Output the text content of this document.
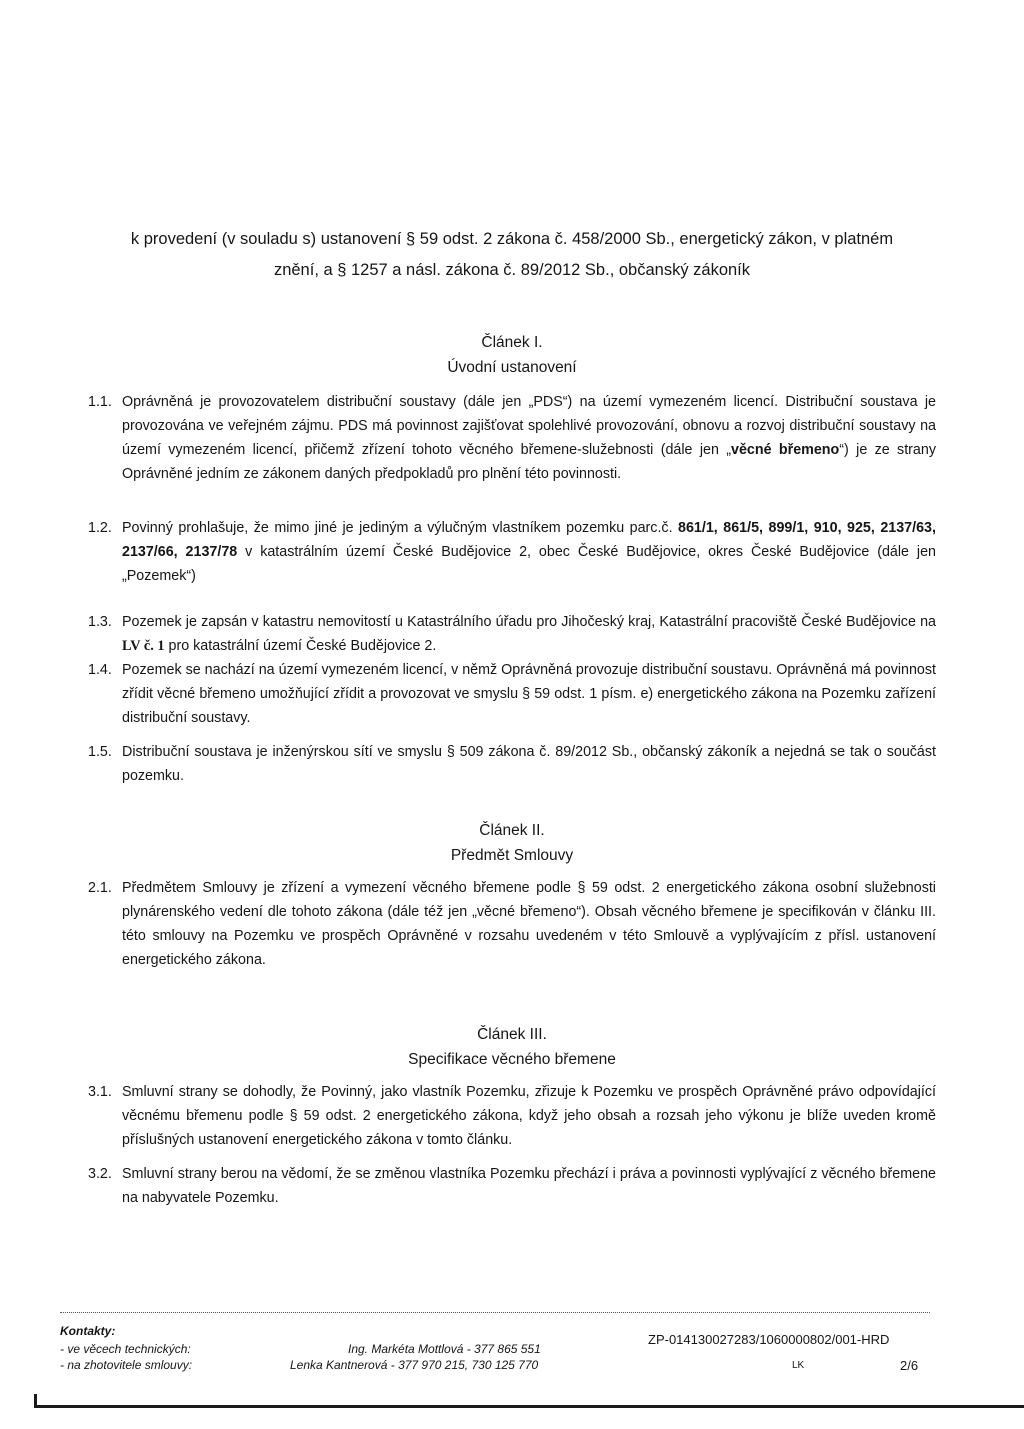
k provedení (v souladu s) ustanovení § 59 odst. 2 zákona č. 458/2000 Sb., energetický zákon, v platném
znění, a § 1257 a násl. zákona č. 89/2012 Sb., občanský zákoník
Článek I.
Úvodní ustanovení
1.1. Oprávněná je provozovatelem distribuční soustavy (dále jen „PDS“) na území vymezeném licencí. Distribuční soustava je provozována ve veřejném zájmu. PDS má povinnost zajišťovat spolehlivé provozování, obnovu a rozvoj distribuční soustavy na území vymezeném licencí, přičemž zřízení tohoto věcného břemene-služebnosti (dále jen „věcné břemeno“) je ze strany Oprávněné jedním ze zákonem daných předpokladů pro plnění této povinnosti.
1.2. Povinný prohlašuje, že mimo jiné je jediným a výlučným vlastníkem pozemku parc.č. 861/1, 861/5, 899/1, 910, 925, 2137/63, 2137/66, 2137/78 v katastrálním území České Budějovice 2, obec České Budějovice, okres České Budějovice (dále jen „Pozemek“)
1.3. Pozemek je zapsán v katastru nemovitostí u Katastrálního úřadu pro Jihočeský kraj, Katastrální pracoviště České Budějovice na LV č. 1 pro katastrální území České Budějovice 2.
1.4. Pozemek se nachází na území vymezeném licencí, v němž Oprávněná provozuje distribuční soustavu. Oprávněná má povinnost zřídit věcné břemeno umožňující zřídit a provozovat ve smyslu § 59 odst. 1 písm. e) energetického zákona na Pozemku zařízení distribuční soustavy.
1.5. Distribuční soustava je inženýrskou sítí ve smyslu § 509 zákona č. 89/2012 Sb., občanský zákoník a nejedná se tak o součást pozemku.
Článek II.
Předmět Smlouvy
2.1. Předmětem Smlouvy je zřízení a vymezení věcného břemene podle § 59 odst. 2 energetického zákona osobní služebnosti plynárenského vedení dle tohoto zákona (dále též jen „věcné břemeno“). Obsah věcného břemene je specifikován v článku III. této smlouvy na Pozemku ve prospěch Oprávněné v rozsahu uvedeném v této Smlouvě a vyplývajícím z přísl. ustanovení energetického zákona.
Článek III.
Specifikace věcného břemene
3.1. Smluvní strany se dohodly, že Povinný, jako vlastník Pozemku, zřizuje k Pozemku ve prospěch Oprávněné právo odpovídající věcnému břemenu podle § 59 odst. 2 energetického zákona, když jeho obsah a rozsah jeho výkonu je blíže uveden kromě příslušných ustanovení energetického zákona v tomto článku.
3.2. Smluvní strany berou na vědomí, že se změnou vlastníka Pozemku přechází i práva a povinnosti vyplývající z věcného břemene na nabyvatele Pozemku.
Kontakty:
- ve věcech technických:	Ing. Markéta Mottlová - 377 865 551
- na zhotovitele smlouvy:	Lenka Kantnerová - 377 970 215, 730 125 770
ZP-014130027283/1060000802/001-HRD
LK	2/6
